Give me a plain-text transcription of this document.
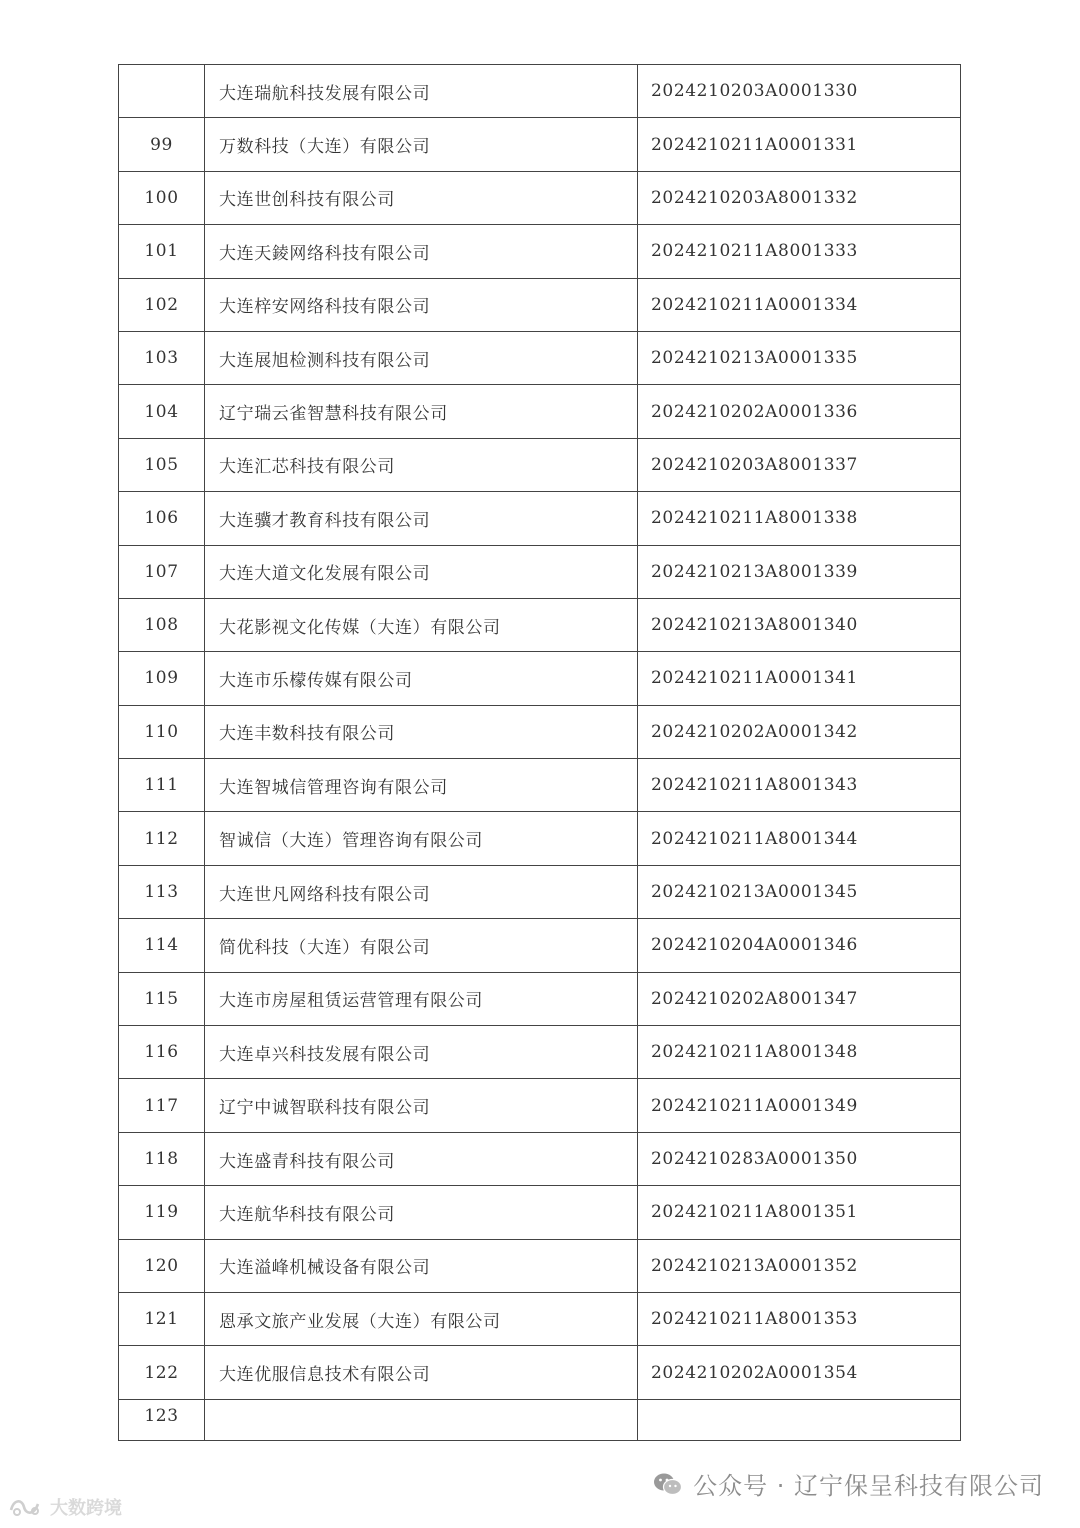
	大连瑞航科技发展有限公司	2024210203A0001330
99	万数科技（大连）有限公司	2024210211A0001331
100	大连世创科技有限公司	2024210203A8001332
101	大连天錂网络科技有限公司	2024210211A8001333
102	大连梓安网络科技有限公司	2024210211A0001334
103	大连展旭检测科技有限公司	2024210213A0001335
104	辽宁瑞云雀智慧科技有限公司	2024210202A0001336
105	大连汇芯科技有限公司	2024210203A8001337
106	大连骥才教育科技有限公司	2024210211A8001338
107	大连大道文化发展有限公司	2024210213A8001339
108	大花影视文化传媒（大连）有限公司	2024210213A8001340
109	大连市乐檬传媒有限公司	2024210211A0001341
110	大连丰数科技有限公司	2024210202A0001342
111	大连智城信管理咨询有限公司	2024210211A8001343
112	智诚信（大连）管理咨询有限公司	2024210211A8001344
113	大连世凡网络科技有限公司	2024210213A0001345
114	简优科技（大连）有限公司	2024210204A0001346
115	大连市房屋租赁运营管理有限公司	2024210202A8001347
116	大连卓兴科技发展有限公司	2024210211A8001348
117	辽宁中诚智联科技有限公司	2024210211A0001349
118	大连盛青科技有限公司	2024210283A0001350
119	大连航华科技有限公司	2024210211A8001351
120	大连溢峰机械设备有限公司	2024210213A0001352
121	恩承文旅产业发展（大连）有限公司	2024210211A8001353
122	大连优服信息技术有限公司	2024210202A0001354
123		
公众号 · 辽宁保呈科技有限公司
大数跨境
